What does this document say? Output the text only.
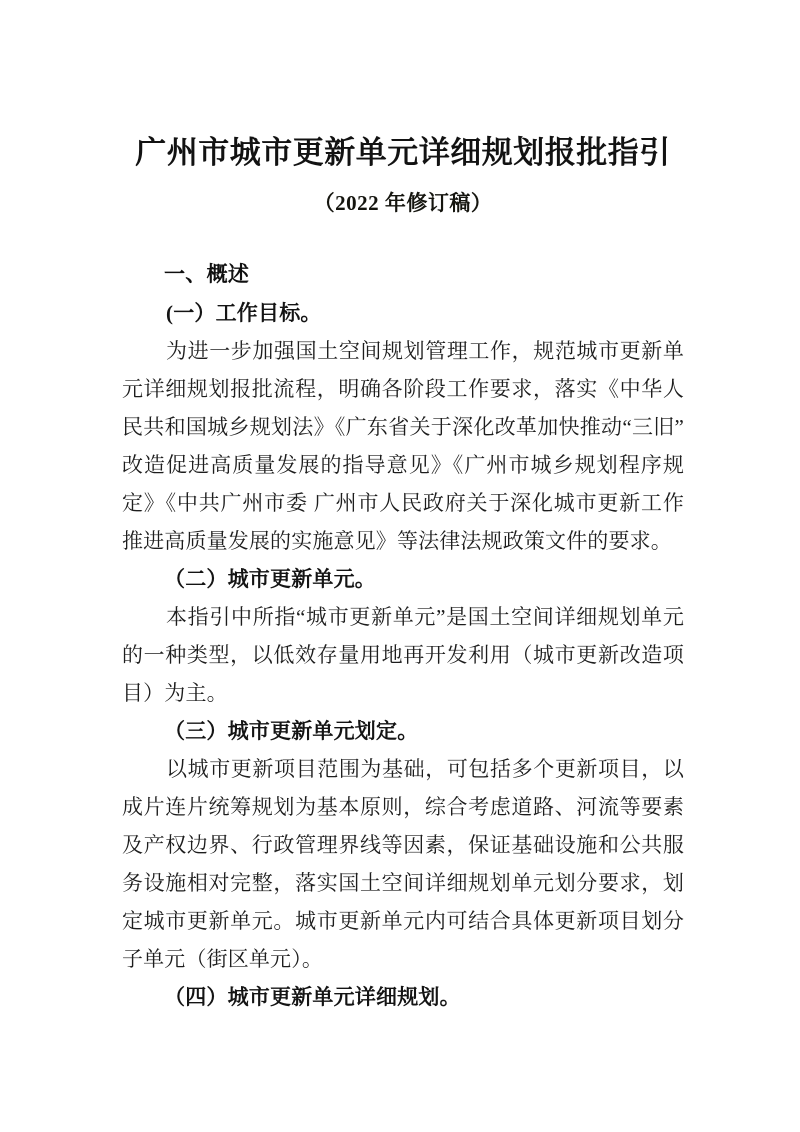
广州市城市更新单元详细规划报批指引
（2022 年修订稿）
一、概述
(一）工作目标。

为进一步加强国土空间规划管理工作，规范城市更新单元详细规划报批流程，明确各阶段工作要求，落实《中华人民共和国城乡规划法》《广东省关于深化改革加快推动“三旧”改造促进高质量发展的指导意见》《广州市城乡规划程序规定》《中共广州市委 广州市人民政府关于深化城市更新工作推进高质量发展的实施意见》等法律法规政策文件的要求。

（二）城市更新单元。

本指引中所指“城市更新单元”是国土空间详细规划单元的一种类型，以低效存量用地再开发利用（城市更新改造项目）为主。

（三）城市更新单元划定。

以城市更新项目范围为基础，可包括多个更新项目，以成片连片统筹规划为基本原则，综合考虑道路、河流等要素及产权边界、行政管理界线等因素，保证基础设施和公共服务设施相对完整，落实国土空间详细规划单元划分要求，划定城市更新单元。城市更新单元内可结合具体更新项目划分子单元（街区单元）。

（四）城市更新单元详细规划。
